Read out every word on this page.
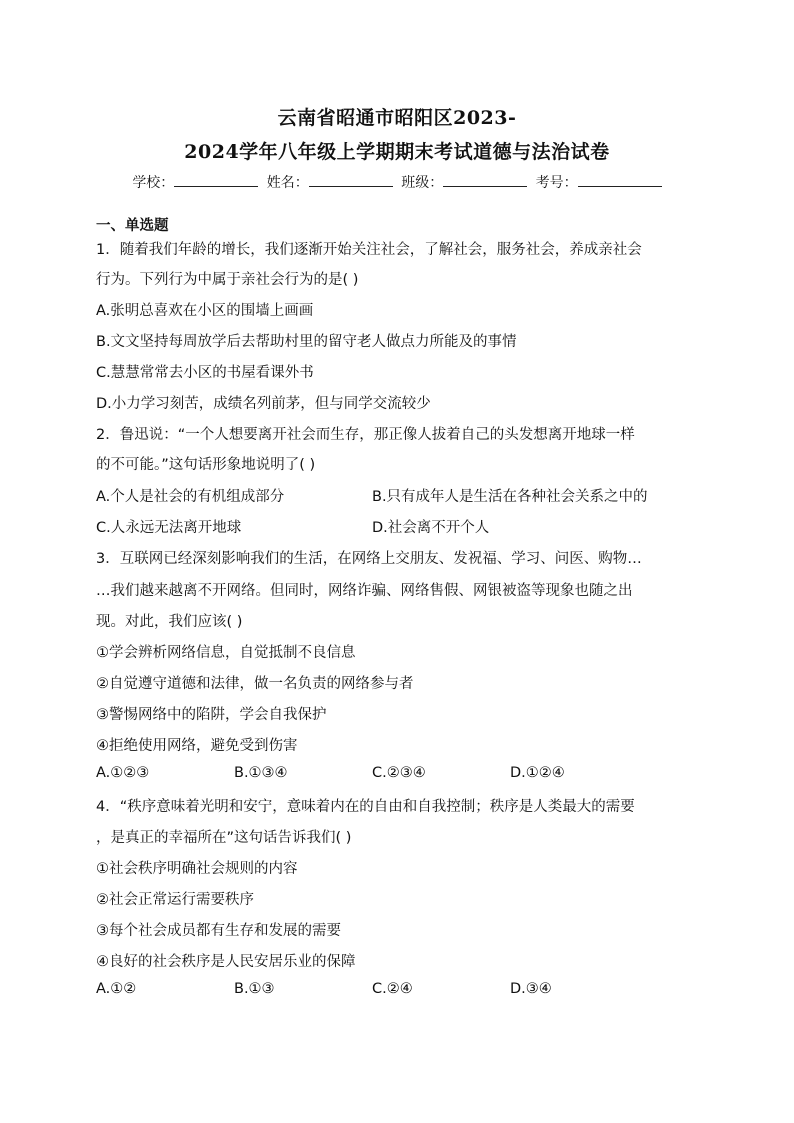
云南省昭通市昭阳区2023-
2024学年八年级上学期期末考试道德与法治试卷
学校：	姓名：	班级：	考号：
一、单选题
1．随着我们年龄的增长，我们逐渐开始关注社会，了解社会，服务社会，养成亲社会
行为。下列行为中属于亲社会行为的是( )
A.张明总喜欢在小区的围墙上画画
B.文文坚持每周放学后去帮助村里的留守老人做点力所能及的事情
C.慧慧常常去小区的书屋看课外书
D.小力学习刻苦，成绩名列前茅，但与同学交流较少
2．鲁迅说：“一个人想要离开社会而生存，那正像人拔着自己的头发想离开地球一样
的不可能。”这句话形象地说明了( )
A.个人是社会的有机组成部分	B.只有成年人是生活在各种社会关系之中的
C.人永远无法离开地球	D.社会离不开个人
3．互联网已经深刻影响我们的生活，在网络上交朋友、发祝福、学习、问医、购物…
…我们越来越离不开网络。但同时，网络诈骗、网络售假、网银被盗等现象也随之出
现。对此，我们应该( )
①学会辨析网络信息，自觉抵制不良信息
②自觉遵守道德和法律，做一名负责的网络参与者
③警惕网络中的陷阱，学会自我保护
④拒绝使用网络，避免受到伤害
A.①②③	B.①③④	C.②③④	D.①②④
4．“秩序意味着光明和安宁，意味着内在的自由和自我控制；秩序是人类最大的需要
，是真正的幸福所在”这句话告诉我们( )
①社会秩序明确社会规则的内容
②社会正常运行需要秩序
③每个社会成员都有生存和发展的需要
④良好的社会秩序是人民安居乐业的保障
A.①②	B.①③	C.②④	D.③④
